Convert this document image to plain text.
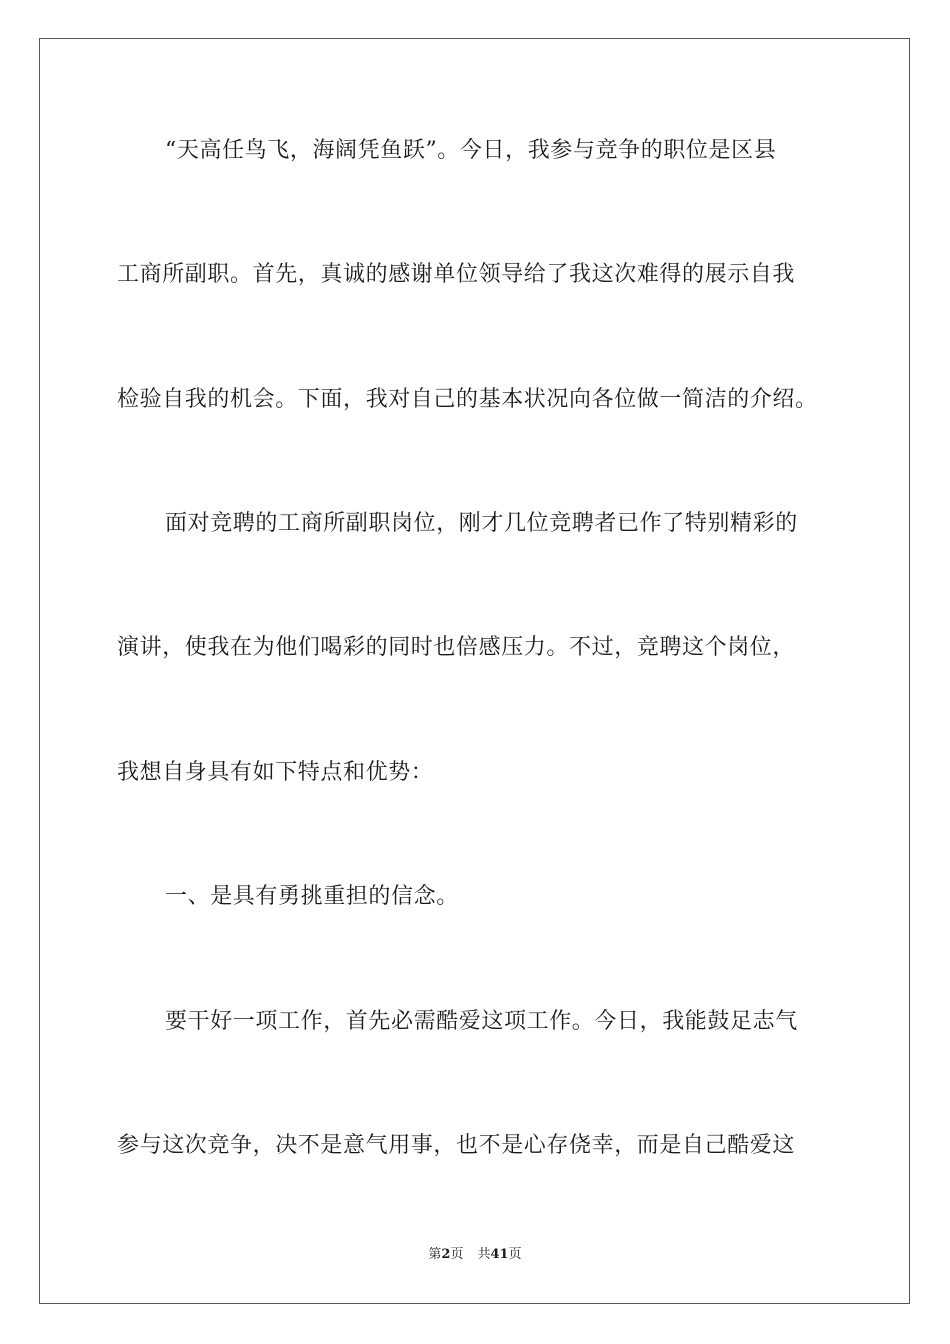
“天高任鸟飞，海阔凭鱼跃”。今日，我参与竞争的职位是区县
工商所副职。首先，真诚的感谢单位领导给了我这次难得的展示自我
检验自我的机会。下面，我对自己的基本状况向各位做一简洁的介绍。
面对竞聘的工商所副职岗位，刚才几位竞聘者已作了特别精彩的
演讲，使我在为他们喝彩的同时也倍感压力。不过，竞聘这个岗位，
我想自身具有如下特点和优势：
一、是具有勇挑重担的信念。
要干好一项工作，首先必需酷爱这项工作。今日，我能鼓足志气
参与这次竞争，决不是意气用事，也不是心存侥幸，而是自己酷爱这
第2页 共41页
